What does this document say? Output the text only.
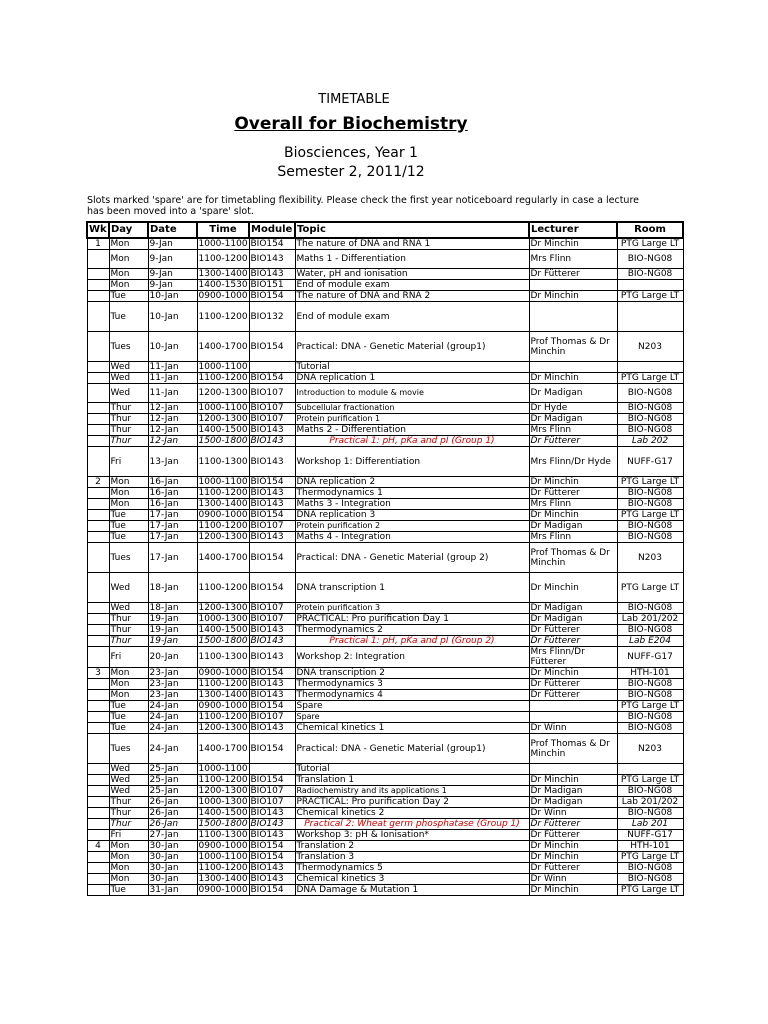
TIMETABLE
Overall for Biochemistry
Biosciences, Year 1
Semester 2, 2011/12
Slots marked 'spare' are for timetabling flexibility. Please check the first year noticeboard regularly in case a lecture has been moved into a 'spare' slot.
Wk	Day	Date	Time	Module	Topic	Lecturer	Room
1	Mon	9-Jan	1000-1100	BIO154	The nature of DNA and RNA 1	Dr Minchin	PTG Large LT
	Mon	9-Jan	1100-1200	BIO143	Maths 1 - Differentiation	Mrs Flinn	BIO-NG08
	Mon	9-Jan	1300-1400	BIO143	Water, pH and ionisation	Dr Fütterer	BIO-NG08
	Mon	9-Jan	1400-1530	BIO151	End of module exam		
	Tue	10-Jan	0900-1000	BIO154	The nature of DNA and RNA 2	Dr Minchin	PTG Large LT
	Tue	10-Jan	1100-1200	BIO132	End of module exam		
	Tues	10-Jan	1400-1700	BIO154	Practical: DNA - Genetic Material (group1)	Prof Thomas & Dr Minchin	N203
	Wed	11-Jan	1000-1100		Tutorial		
	Wed	11-Jan	1100-1200	BIO154	DNA replication 1	Dr Minchin	PTG Large LT
	Wed	11-Jan	1200-1300	BIO107	Introduction to module & movie	Dr Madigan	BIO-NG08
	Thur	12-Jan	1000-1100	BIO107	Subcellular fractionation	Dr Hyde	BIO-NG08
	Thur	12-Jan	1200-1300	BIO107	Protein purification 1	Dr Madigan	BIO-NG08
	Thur	12-Jan	1400-1500	BIO143	Maths 2 - Differentiation	Mrs Flinn	BIO-NG08
	Thur	12-Jan	1500-1800	BIO143	Practical 1: pH, pKa and pI (Group 1)	Dr Fütterer	Lab 202
	Fri	13-Jan	1100-1300	BIO143	Workshop 1: Differentiation	Mrs Flinn/Dr Hyde	NUFF-G17
2	Mon	16-Jan	1000-1100	BIO154	DNA replication 2	Dr Minchin	PTG Large LT
	Mon	16-Jan	1100-1200	BIO143	Thermodynamics 1	Dr Fütterer	BIO-NG08
	Mon	16-Jan	1300-1400	BIO143	Maths 3 - Integration	Mrs Flinn	BIO-NG08
	Tue	17-Jan	0900-1000	BIO154	DNA replication 3	Dr Minchin	PTG Large LT
	Tue	17-Jan	1100-1200	BIO107	Protein purification 2	Dr Madigan	BIO-NG08
	Tue	17-Jan	1200-1300	BIO143	Maths 4 - Integration	Mrs Flinn	BIO-NG08
	Tues	17-Jan	1400-1700	BIO154	Practical: DNA - Genetic Material (group 2)	Prof Thomas & Dr Minchin	N203
	Wed	18-Jan	1100-1200	BIO154	DNA transcription 1	Dr Minchin	PTG Large LT
	Wed	18-Jan	1200-1300	BIO107	Protein purification 3	Dr Madigan	BIO-NG08
	Thur	19-Jan	1000-1300	BIO107	PRACTICAL: Pro purification Day 1	Dr Madigan	Lab 201/202
	Thur	19-Jan	1400-1500	BIO143	Thermodynamics 2	Dr Fütterer	BIO-NG08
	Thur	19-Jan	1500-1800	BIO143	Practical 1: pH, pKa and pI (Group 2)	Dr Fütterer	Lab E204
	Fri	20-Jan	1100-1300	BIO143	Workshop 2: Integration	Mrs Flinn/Dr Fütterer	NUFF-G17
3	Mon	23-Jan	0900-1000	BIO154	DNA transcription 2	Dr Minchin	HTH-101
	Mon	23-Jan	1100-1200	BIO143	Thermodynamics 3	Dr Fütterer	BIO-NG08
	Mon	23-Jan	1300-1400	BIO143	Thermodynamics 4	Dr Fütterer	BIO-NG08
	Tue	24-Jan	0900-1000	BIO154	Spare		PTG Large LT
	Tue	24-Jan	1100-1200	BIO107	Spare		BIO-NG08
	Tue	24-Jan	1200-1300	BIO143	Chemical kinetics 1	Dr Winn	BIO-NG08
	Tues	24-Jan	1400-1700	BIO154	Practical: DNA - Genetic Material (group1)	Prof Thomas & Dr Minchin	N203
	Wed	25-Jan	1000-1100		Tutorial		
	Wed	25-Jan	1100-1200	BIO154	Translation 1	Dr Minchin	PTG Large LT
	Wed	25-Jan	1200-1300	BIO107	Radiochemistry and its applications 1	Dr Madigan	BIO-NG08
	Thur	26-Jan	1000-1300	BIO107	PRACTICAL: Pro purification Day 2	Dr Madigan	Lab 201/202
	Thur	26-Jan	1400-1500	BIO143	Chemical kinetics 2	Dr Winn	BIO-NG08
	Thur	26-Jan	1500-1800	BIO143	Practical 2: Wheat germ phosphatase (Group 1)	Dr Fütterer	Lab 201
	Fri	27-Jan	1100-1300	BIO143	Workshop 3: pH & Ionisation*	Dr Fütterer	NUFF-G17
4	Mon	30-Jan	0900-1000	BIO154	Translation 2	Dr Minchin	HTH-101
	Mon	30-Jan	1000-1100	BIO154	Translation 3	Dr Minchin	PTG Large LT
	Mon	30-Jan	1100-1200	BIO143	Thermodynamics 5	Dr Fütterer	BIO-NG08
	Mon	30-Jan	1300-1400	BIO143	Chemical kinetics 3	Dr Winn	BIO-NG08
	Tue	31-Jan	0900-1000	BIO154	DNA Damage & Mutation 1	Dr Minchin	PTG Large LT
